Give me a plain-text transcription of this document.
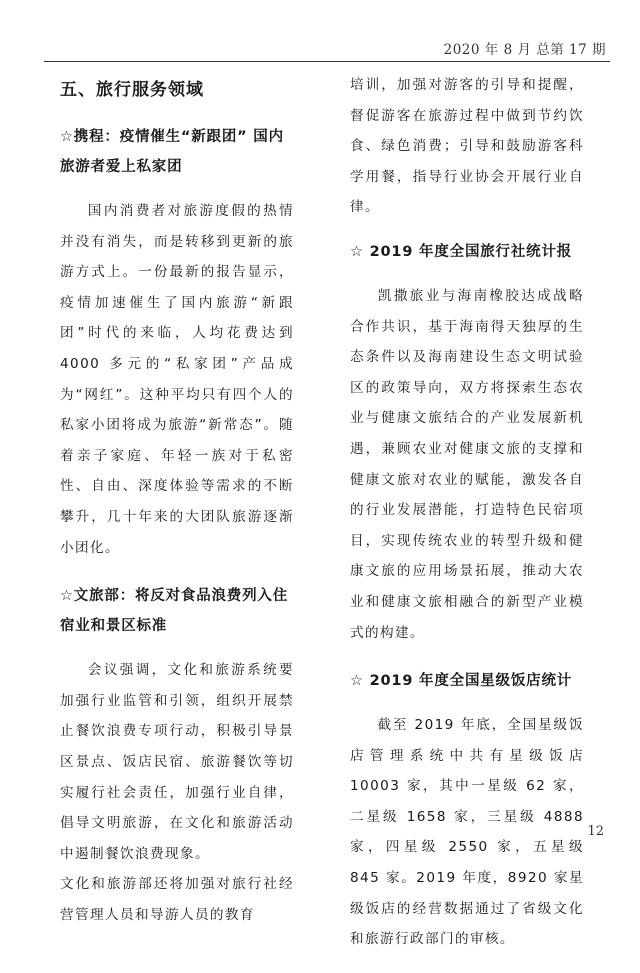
2020 年 8 月 总第 17 期
五、旅行服务领域
☆携程：疫情催生“新跟团” 国内旅游者爱上私家团

国内消费者对旅游度假的热情并没有消失，而是转移到更新的旅游方式上。一份最新的报告显示，疫情加速催生了国内旅游“新跟团”时代的来临，人均花费达到 4000 多元的“私家团”产品成为“网红”。这种平均只有四个人的私家小团将成为旅游“新常态”。随着亲子家庭、年轻一族对于私密性、自由、深度体验等需求的不断攀升，几十年来的大团队旅游逐渐小团化。

☆文旅部：将反对食品浪费列入住宿业和景区标准

会议强调，文化和旅游系统要加强行业监管和引领，组织开展禁止餐饮浪费专项行动，积极引导景区景点、饭店民宿、旅游餐饮等切实履行社会责任，加强行业自律，倡导文明旅游，在文化和旅游活动中遏制餐饮浪费现象。

文化和旅游部还将加强对旅行社经营管理人员和导游人员的教育

培训，加强对游客的引导和提醒，督促游客在旅游过程中做到节约饮食、绿色消费；引导和鼓励游客科学用餐，指导行业协会开展行业自律。

☆ 2019 年度全国旅行社统计报

凯撒旅业与海南橡胶达成战略合作共识，基于海南得天独厚的生态条件以及海南建设生态文明试验区的政策导向，双方将探索生态农业与健康文旅结合的产业发展新机遇，兼顾农业对健康文旅的支撑和健康文旅对农业的赋能，激发各自的行业发展潜能，打造特色民宿项目，实现传统农业的转型升级和健康文旅的应用场景拓展，推动大农业和健康文旅相融合的新型产业模式的构建。

☆ 2019 年度全国星级饭店统计

截至 2019 年底，全国星级饭店管理系统中共有星级饭店 10003 家，其中一星级 62 家，二星级 1658 家，三星级 4888 家，四星级 2550 家，五星级 845 家。2019 年度，8920 家星级饭店的经营数据通过了省级文化和旅游行政部门的审核。

12
